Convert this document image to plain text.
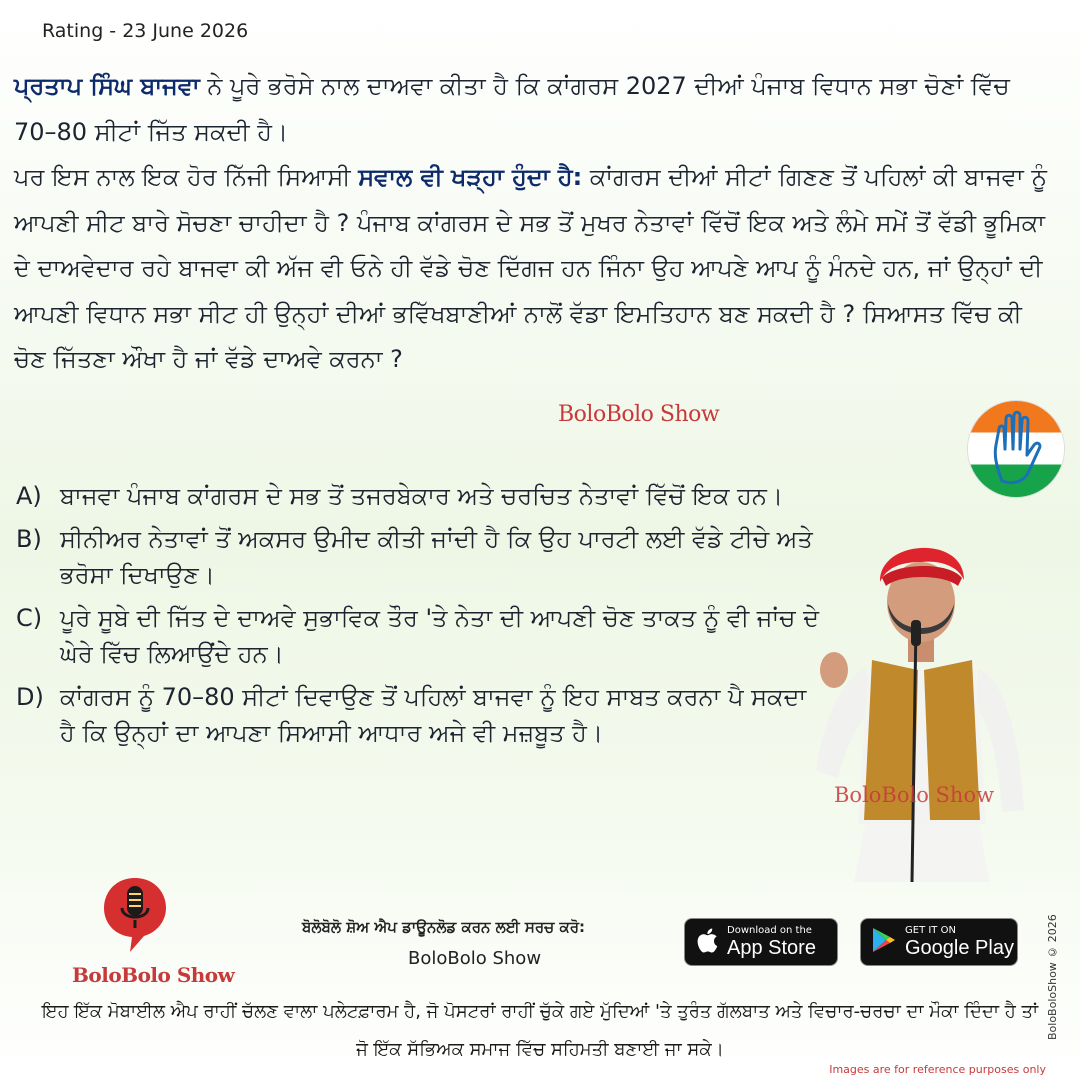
Rating - 23 June 2026
ਪ੍ਰਤਾਪ ਸਿੰਘ ਬਾਜਵਾ ਨੇ ਪੂਰੇ ਭਰੋਸੇ ਨਾਲ ਦਾਅਵਾ ਕੀਤਾ ਹੈ ਕਿ ਕਾਂਗਰਸ 2027 ਦੀਆਂ ਪੰਜਾਬ ਵਿਧਾਨ ਸਭਾ ਚੋਣਾਂ ਵਿੱਚ 70–80 ਸੀਟਾਂ ਜਿੱਤ ਸਕਦੀ ਹੈ।
ਪਰ ਇਸ ਨਾਲ ਇਕ ਹੋਰ ਨਿੱਜੀ ਸਿਆਸੀ ਸਵਾਲ ਵੀ ਖੜ੍ਹਾ ਹੁੰਦਾ ਹੈ: ਕਾਂਗਰਸ ਦੀਆਂ ਸੀਟਾਂ ਗਿਣਣ ਤੋਂ ਪਹਿਲਾਂ ਕੀ ਬਾਜਵਾ ਨੂੰ ਆਪਣੀ ਸੀਟ ਬਾਰੇ ਸੋਚਣਾ ਚਾਹੀਦਾ ਹੈ ? ਪੰਜਾਬ ਕਾਂਗਰਸ ਦੇ ਸਭ ਤੋਂ ਮੁਖਰ ਨੇਤਾਵਾਂ ਵਿੱਚੋਂ ਇਕ ਅਤੇ ਲੰਮੇ ਸਮੇਂ ਤੋਂ ਵੱਡੀ ਭੂਮਿਕਾ ਦੇ ਦਾਅਵੇਦਾਰ ਰਹੇ ਬਾਜਵਾ ਕੀ ਅੱਜ ਵੀ ਓਨੇ ਹੀ ਵੱਡੇ ਚੋਣ ਦਿੱਗਜ ਹਨ ਜਿੰਨਾ ਉਹ ਆਪਣੇ ਆਪ ਨੂੰ ਮੰਨਦੇ ਹਨ, ਜਾਂ ਉਨ੍ਹਾਂ ਦੀ ਆਪਣੀ ਵਿਧਾਨ ਸਭਾ ਸੀਟ ਹੀ ਉਨ੍ਹਾਂ ਦੀਆਂ ਭਵਿੱਖਬਾਣੀਆਂ ਨਾਲੋਂ ਵੱਡਾ ਇਮਤਿਹਾਨ ਬਣ ਸਕਦੀ ਹੈ ? ਸਿਆਸਤ ਵਿੱਚ ਕੀ ਚੋਣ ਜਿੱਤਣਾ ਔਖਾ ਹੈ ਜਾਂ ਵੱਡੇ ਦਾਅਵੇ ਕਰਨਾ ?
BoloBolo Show
A) ਬਾਜਵਾ ਪੰਜਾਬ ਕਾਂਗਰਸ ਦੇ ਸਭ ਤੋਂ ਤਜਰਬੇਕਾਰ ਅਤੇ ਚਰਚਿਤ ਨੇਤਾਵਾਂ ਵਿੱਚੋਂ ਇਕ ਹਨ।
B) ਸੀਨੀਅਰ ਨੇਤਾਵਾਂ ਤੋਂ ਅਕਸਰ ਉਮੀਦ ਕੀਤੀ ਜਾਂਦੀ ਹੈ ਕਿ ਉਹ ਪਾਰਟੀ ਲਈ ਵੱਡੇ ਟੀਚੇ ਅਤੇ ਭਰੋਸਾ ਦਿਖਾਉਣ।
C) ਪੂਰੇ ਸੂਬੇ ਦੀ ਜਿੱਤ ਦੇ ਦਾਅਵੇ ਸੁਭਾਵਿਕ ਤੌਰ 'ਤੇ ਨੇਤਾ ਦੀ ਆਪਣੀ ਚੋਣ ਤਾਕਤ ਨੂੰ ਵੀ ਜਾਂਚ ਦੇ ਘੇਰੇ ਵਿੱਚ ਲਿਆਉਂਦੇ ਹਨ।
D) ਕਾਂਗਰਸ ਨੂੰ 70–80 ਸੀਟਾਂ ਦਿਵਾਉਣ ਤੋਂ ਪਹਿਲਾਂ ਬਾਜਵਾ ਨੂੰ ਇਹ ਸਾਬਤ ਕਰਨਾ ਪੈ ਸਕਦਾ ਹੈ ਕਿ ਉਨ੍ਹਾਂ ਦਾ ਆਪਣਾ ਸਿਆਸੀ ਆਧਾਰ ਅਜੇ ਵੀ ਮਜ਼ਬੂਤ ਹੈ।
BoloBolo Show
BoloBolo Show
ਬੋਲੋਬੋਲੋ ਸ਼ੋਅ ਐਪ ਡਾਊਨਲੋਡ ਕਰਨ ਲਈ ਸਰਚ ਕਰੋ:
BoloBolo Show
Download on the
App Store
GET IT ON
Google Play
ਇਹ ਇੱਕ ਮੋਬਾਈਲ ਐਪ ਰਾਹੀਂ ਚੱਲਣ ਵਾਲਾ ਪਲੇਟਫ਼ਾਰਮ ਹੈ, ਜੋ ਪੋਸਟਰਾਂ ਰਾਹੀਂ ਚੁੱਕੇ ਗਏ ਮੁੱਦਿਆਂ 'ਤੇ ਤੁਰੰਤ ਗੱਲਬਾਤ ਅਤੇ ਵਿਚਾਰ-ਚਰਚਾ ਦਾ ਮੌਕਾ ਦਿੰਦਾ ਹੈ ਤਾਂ ਜੋ ਇੱਕ ਸੱਭਿਅਕ ਸਮਾਜ ਵਿੱਚ ਸਹਿਮਤੀ ਬਣਾਈ ਜਾ ਸਕੇ।
BoloBoloShow © 2026
Images are for reference purposes only
